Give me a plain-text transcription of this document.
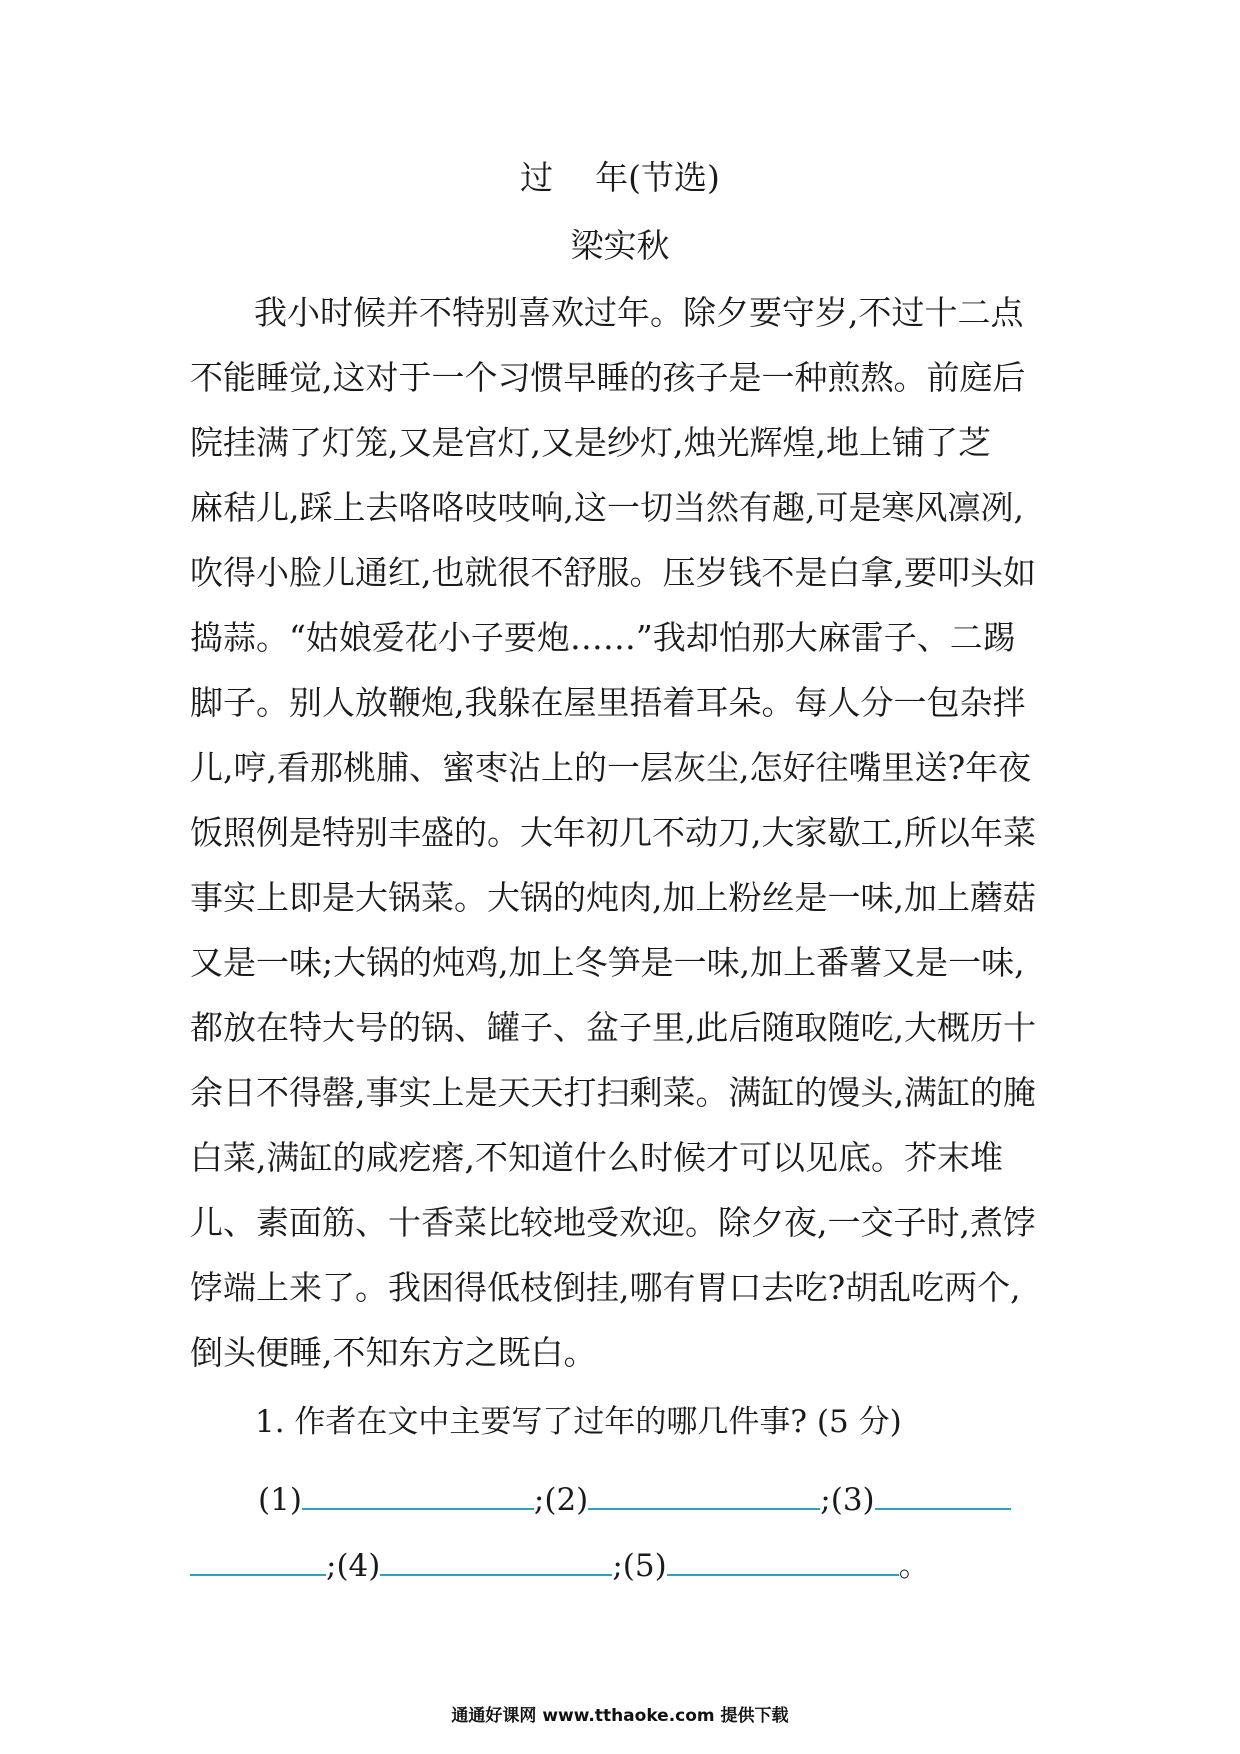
过    年(节选)
梁实秋
我小时候并不特别喜欢过年。除夕要守岁,不过十二点
不能睡觉,这对于一个习惯早睡的孩子是一种煎熬。前庭后
院挂满了灯笼,又是宫灯,又是纱灯,烛光辉煌,地上铺了芝
麻秸儿,踩上去咯咯吱吱响,这一切当然有趣,可是寒风凛冽,
吹得小脸儿通红,也就很不舒服。压岁钱不是白拿,要叩头如
捣蒜。“姑娘爱花小子要炮……”我却怕那大麻雷子、二踢
脚子。别人放鞭炮,我躲在屋里捂着耳朵。每人分一包杂拌
儿,哼,看那桃脯、蜜枣沾上的一层灰尘,怎好往嘴里送?年夜
饭照例是特别丰盛的。大年初几不动刀,大家歇工,所以年菜
事实上即是大锅菜。大锅的炖肉,加上粉丝是一味,加上蘑菇
又是一味;大锅的炖鸡,加上冬笋是一味,加上番薯又是一味,
都放在特大号的锅、罐子、盆子里,此后随取随吃,大概历十
余日不得罄,事实上是天天打扫剩菜。满缸的馒头,满缸的腌
白菜,满缸的咸疙瘩,不知道什么时候才可以见底。芥末堆
儿、素面筋、十香菜比较地受欢迎。除夕夜,一交子时,煮饽
饽端上来了。我困得低枝倒挂,哪有胃口去吃?胡乱吃两个,
倒头便睡,不知东方之既白。
1. 作者在文中主要写了过年的哪几件事? (5 分)
(1)	;(2)	;(3)
;(4)	;(5)	。
通通好课网 www.tthaoke.com 提供下载
